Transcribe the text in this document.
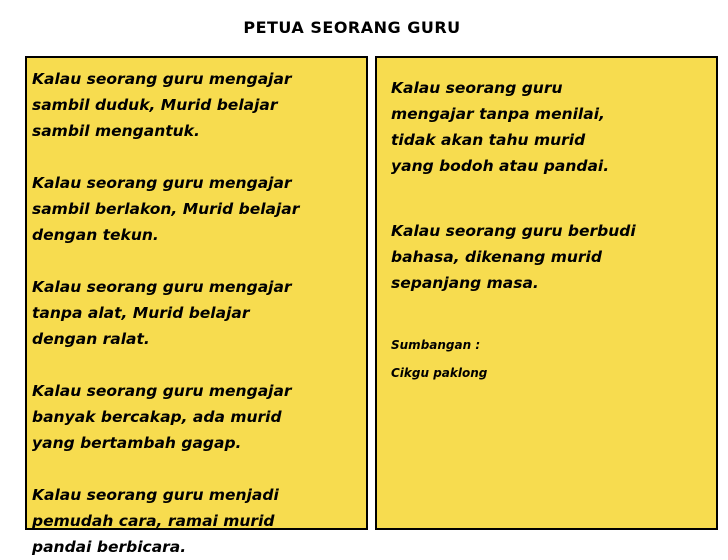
PETUA SEORANG GURU

Kalau seorang guru mengajar
sambil duduk, Murid belajar
sambil mengantuk.

Kalau seorang guru mengajar
sambil berlakon, Murid belajar
dengan tekun.

Kalau seorang guru mengajar
tanpa alat, Murid belajar
dengan ralat.

Kalau seorang guru mengajar
banyak bercakap, ada murid
yang bertambah gagap.

Kalau seorang guru menjadi
pemudah cara, ramai murid
pandai berbicara.

Kalau seorang guru
mengajar tanpa menilai,
tidak akan tahu murid
yang bodoh atau pandai.

Kalau seorang guru berbudi
bahasa, dikenang murid
sepanjang masa.

Sumbangan :

Cikgu paklong
